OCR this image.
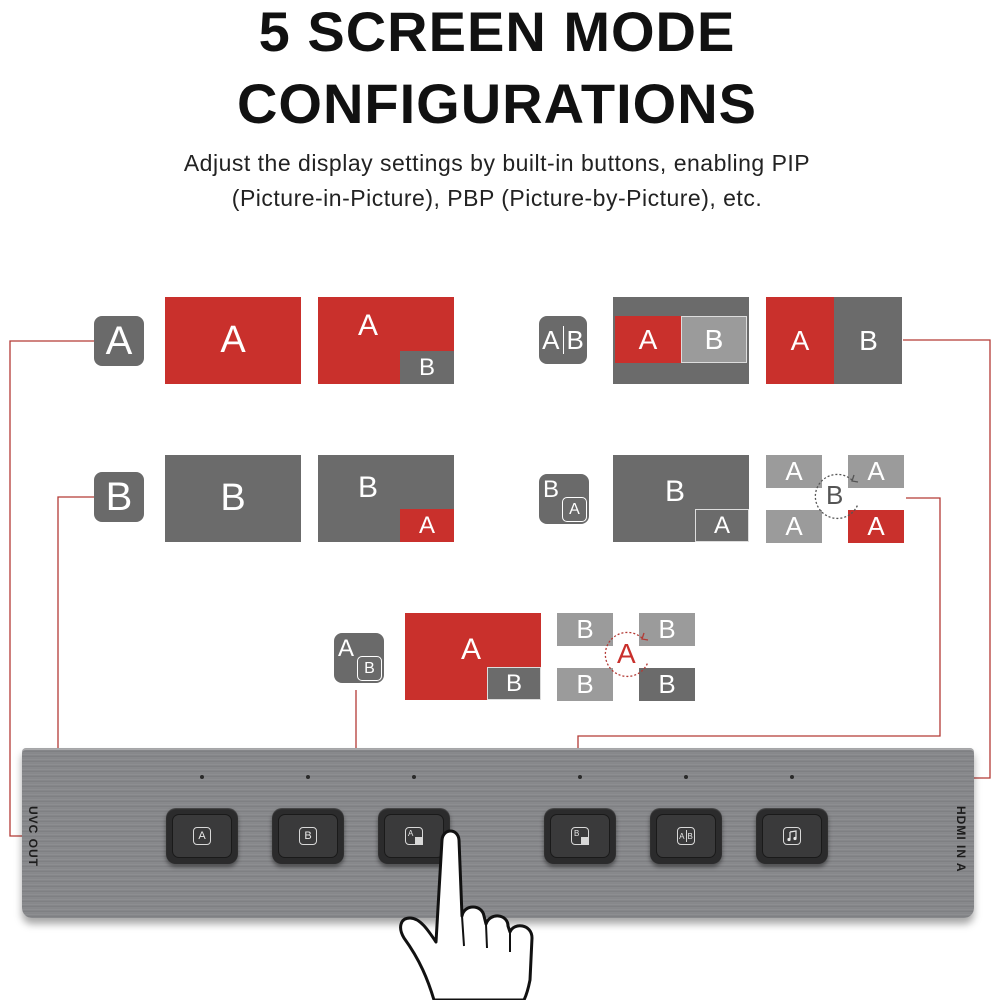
5 SCREEN MODE
CONFIGURATIONS
Adjust the display settings by built-in buttons, enabling PIP
(Picture-in-Picture), PBP (Picture-by-Picture), etc.
A A	A
B
A B	A	B	A	B
B B	B
A
B
A
B
A
A	A
A	A
B
A
B
A
B
B	B
B	B
A
UVC OUT	HDMI IN A
A	B	A	B	A B
